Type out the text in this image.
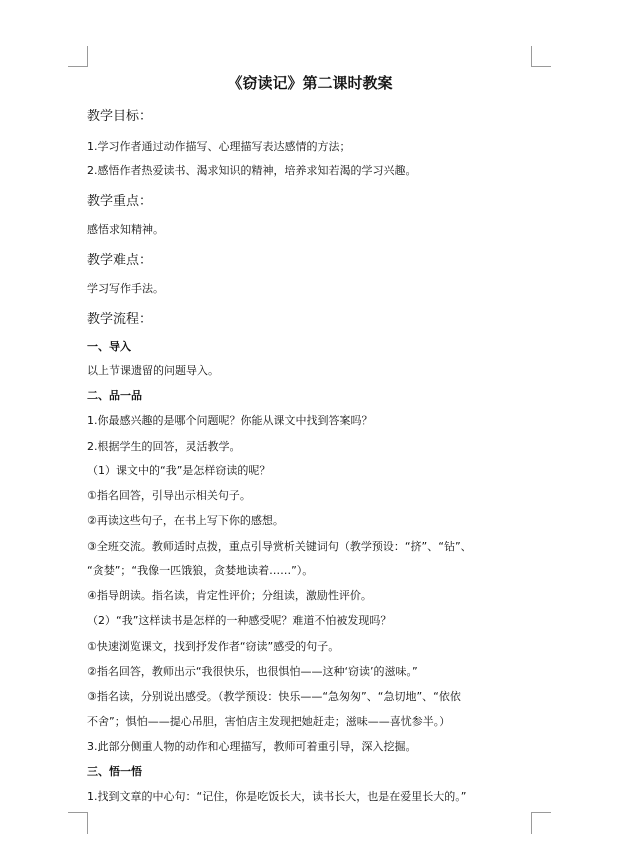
《窃读记》第二课时教案
教学目标：
1.学习作者通过动作描写、心理描写表达感情的方法；
2.感悟作者热爱读书、渴求知识的精神，培养求知若渴的学习兴趣。
教学重点：
感悟求知精神。
教学难点：
学习写作手法。
教学流程：
一、导入
以上节课遗留的问题导入。
二、品一品
1.你最感兴趣的是哪个问题呢？你能从课文中找到答案吗？
2.根据学生的回答，灵活教学。
（1）课文中的“我”是怎样窃读的呢？
①指名回答，引导出示相关句子。
②再读这些句子，在书上写下你的感想。
③全班交流。教师适时点拨，重点引导赏析关键词句（教学预设：“挤”、“钻”、
“贪婪”；“我像一匹饿狼，贪婪地读着……”）。
④指导朗读。指名读，肯定性评价；分组读，激励性评价。
（2）“我”这样读书是怎样的一种感受呢？难道不怕被发现吗？
①快速浏览课文，找到抒发作者“窃读”感受的句子。
②指名回答，教师出示“我很快乐，也很惧怕——这种‘窃读’的滋味。”
③指名读，分别说出感受。（教学预设：快乐——“急匆匆”、“急切地”、“依依
不舍”；惧怕——提心吊胆，害怕店主发现把她赶走；滋味——喜忧参半。）
3.此部分侧重人物的动作和心理描写，教师可着重引导，深入挖掘。
三、悟一悟
1.找到文章的中心句：“记住，你是吃饭长大，读书长大，也是在爱里长大的。”
